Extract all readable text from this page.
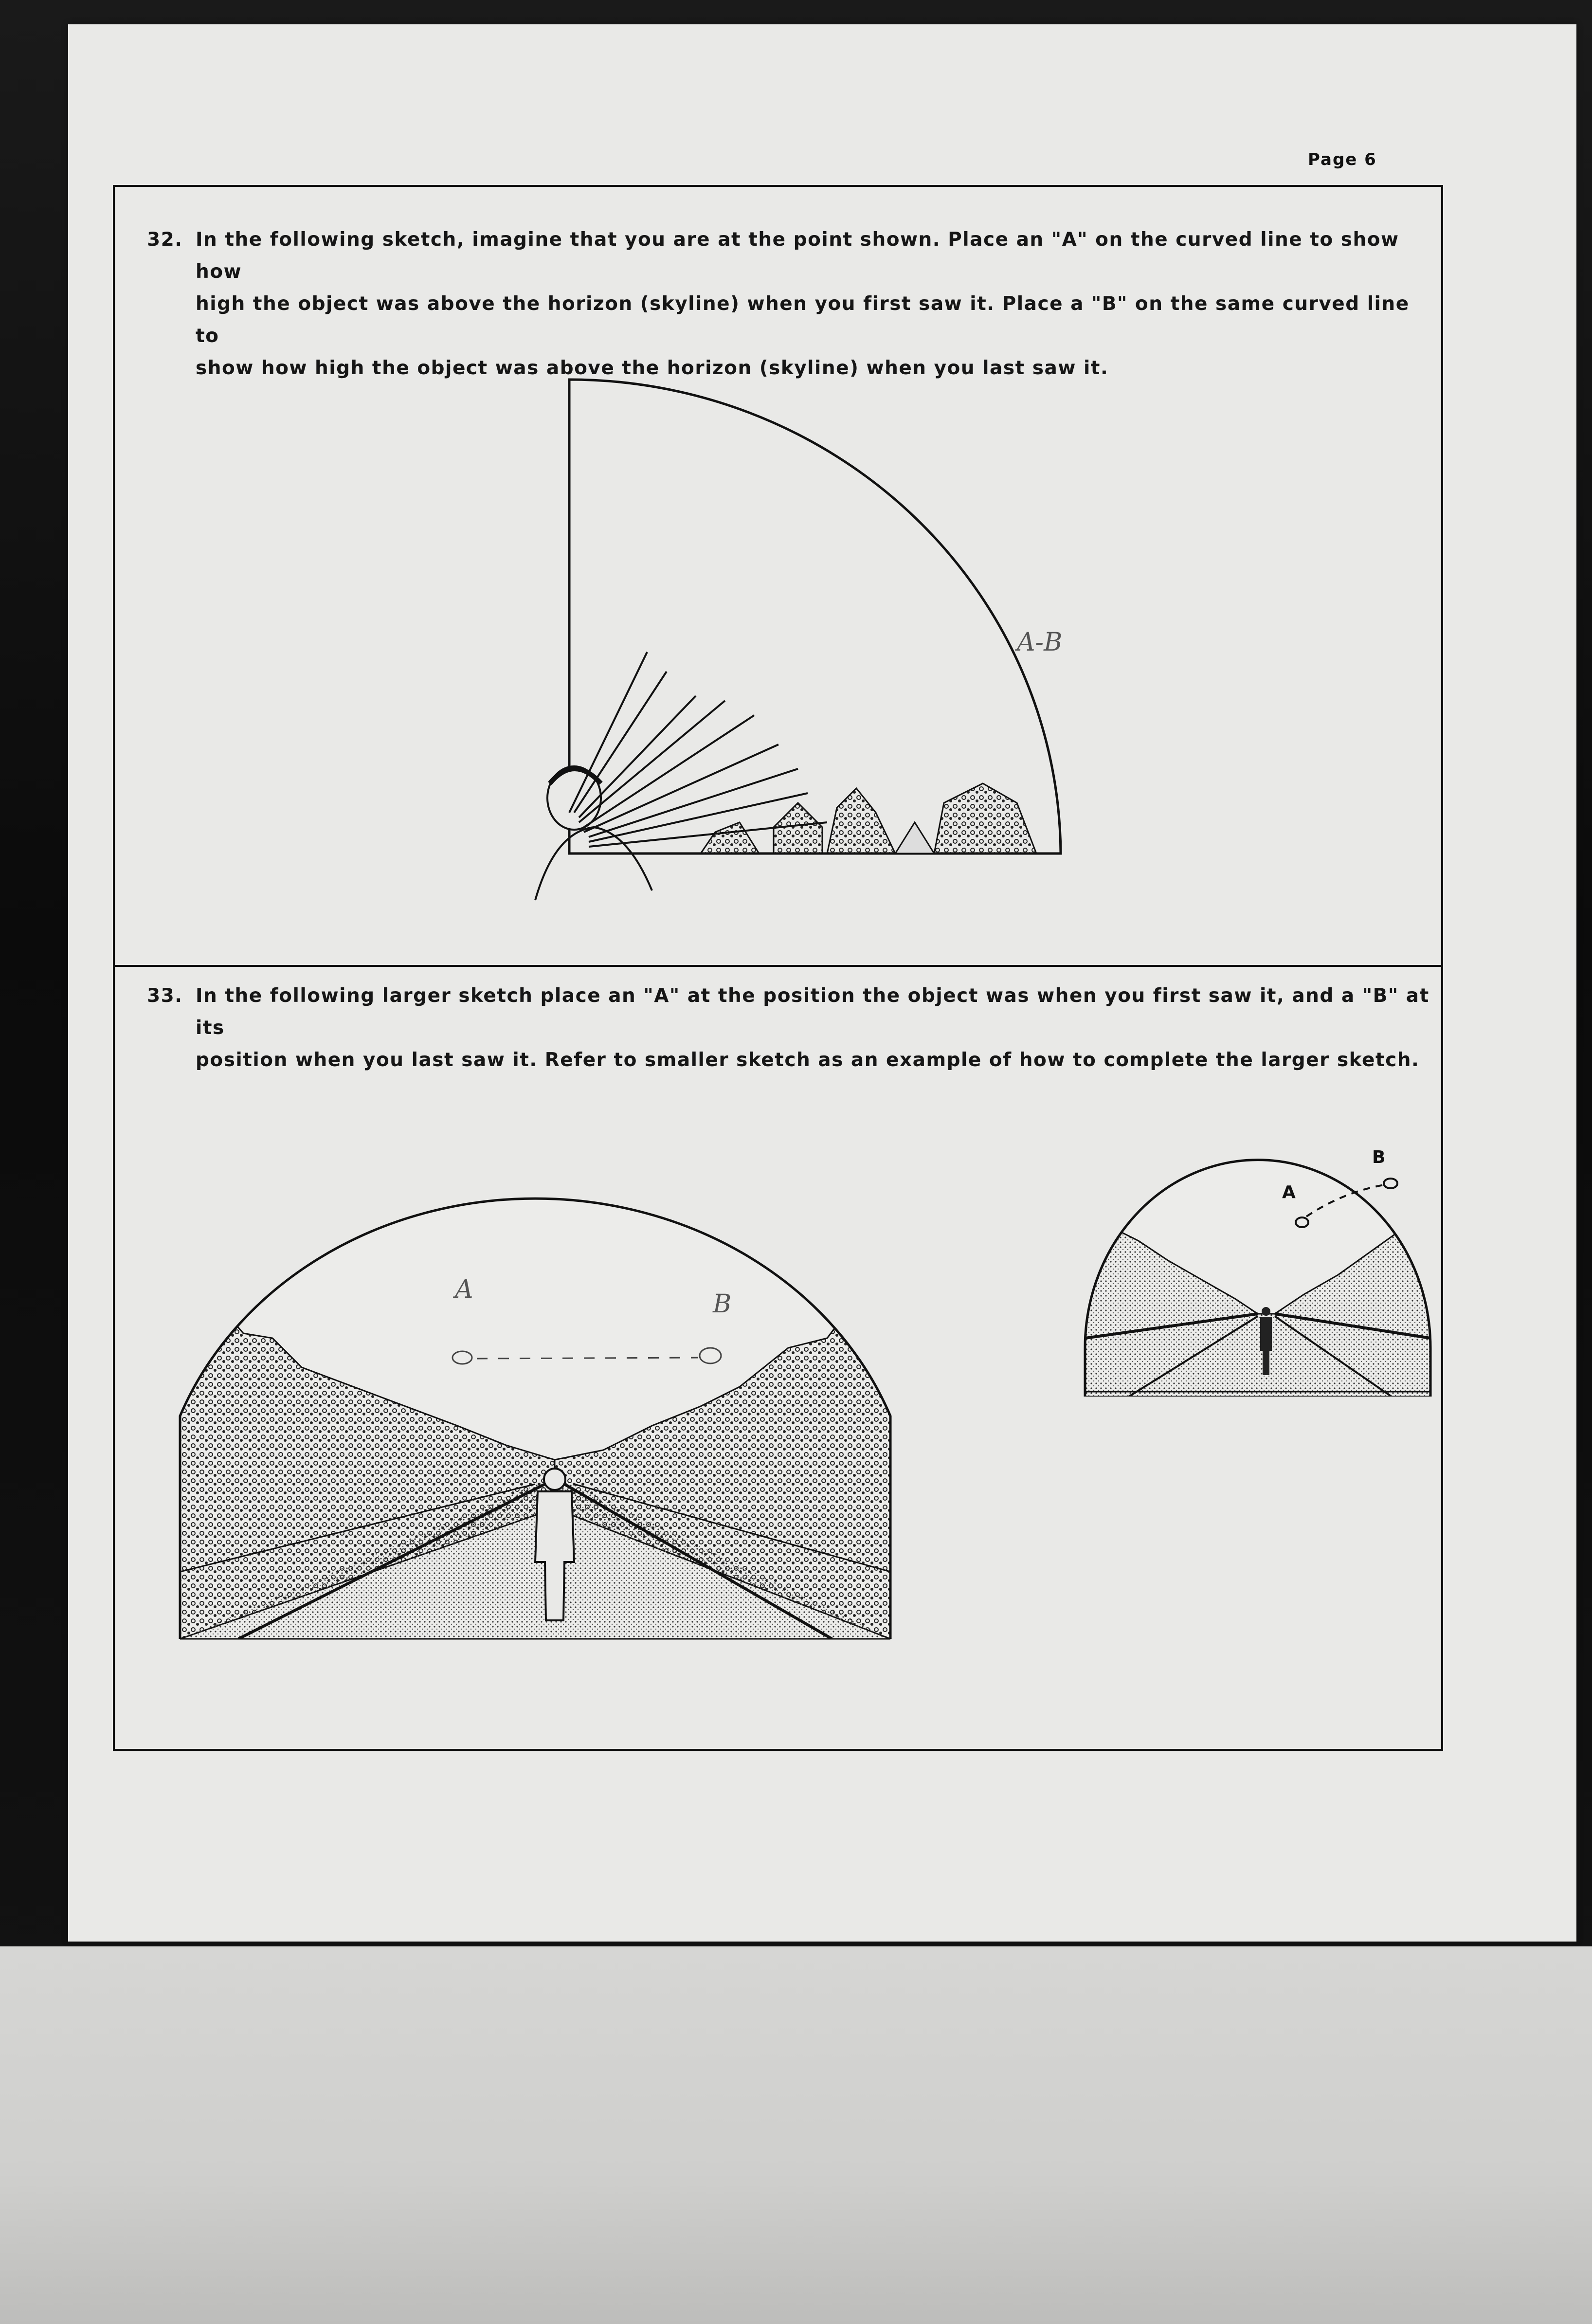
Page 6
32. In the following sketch, imagine that you are at the point shown. Place an "A" on the curved line to show how
high the object was above the horizon (skyline) when you first saw it. Place a "B" on the same curved line to
show how high the object was above the horizon (skyline) when you last saw it.
33. In the following larger sketch place an "A" at the position the object was when you first saw it, and a "B" at its
position when you last saw it. Refer to smaller sketch as an example of how to complete the larger sketch.
A-B
A	B
A
B
